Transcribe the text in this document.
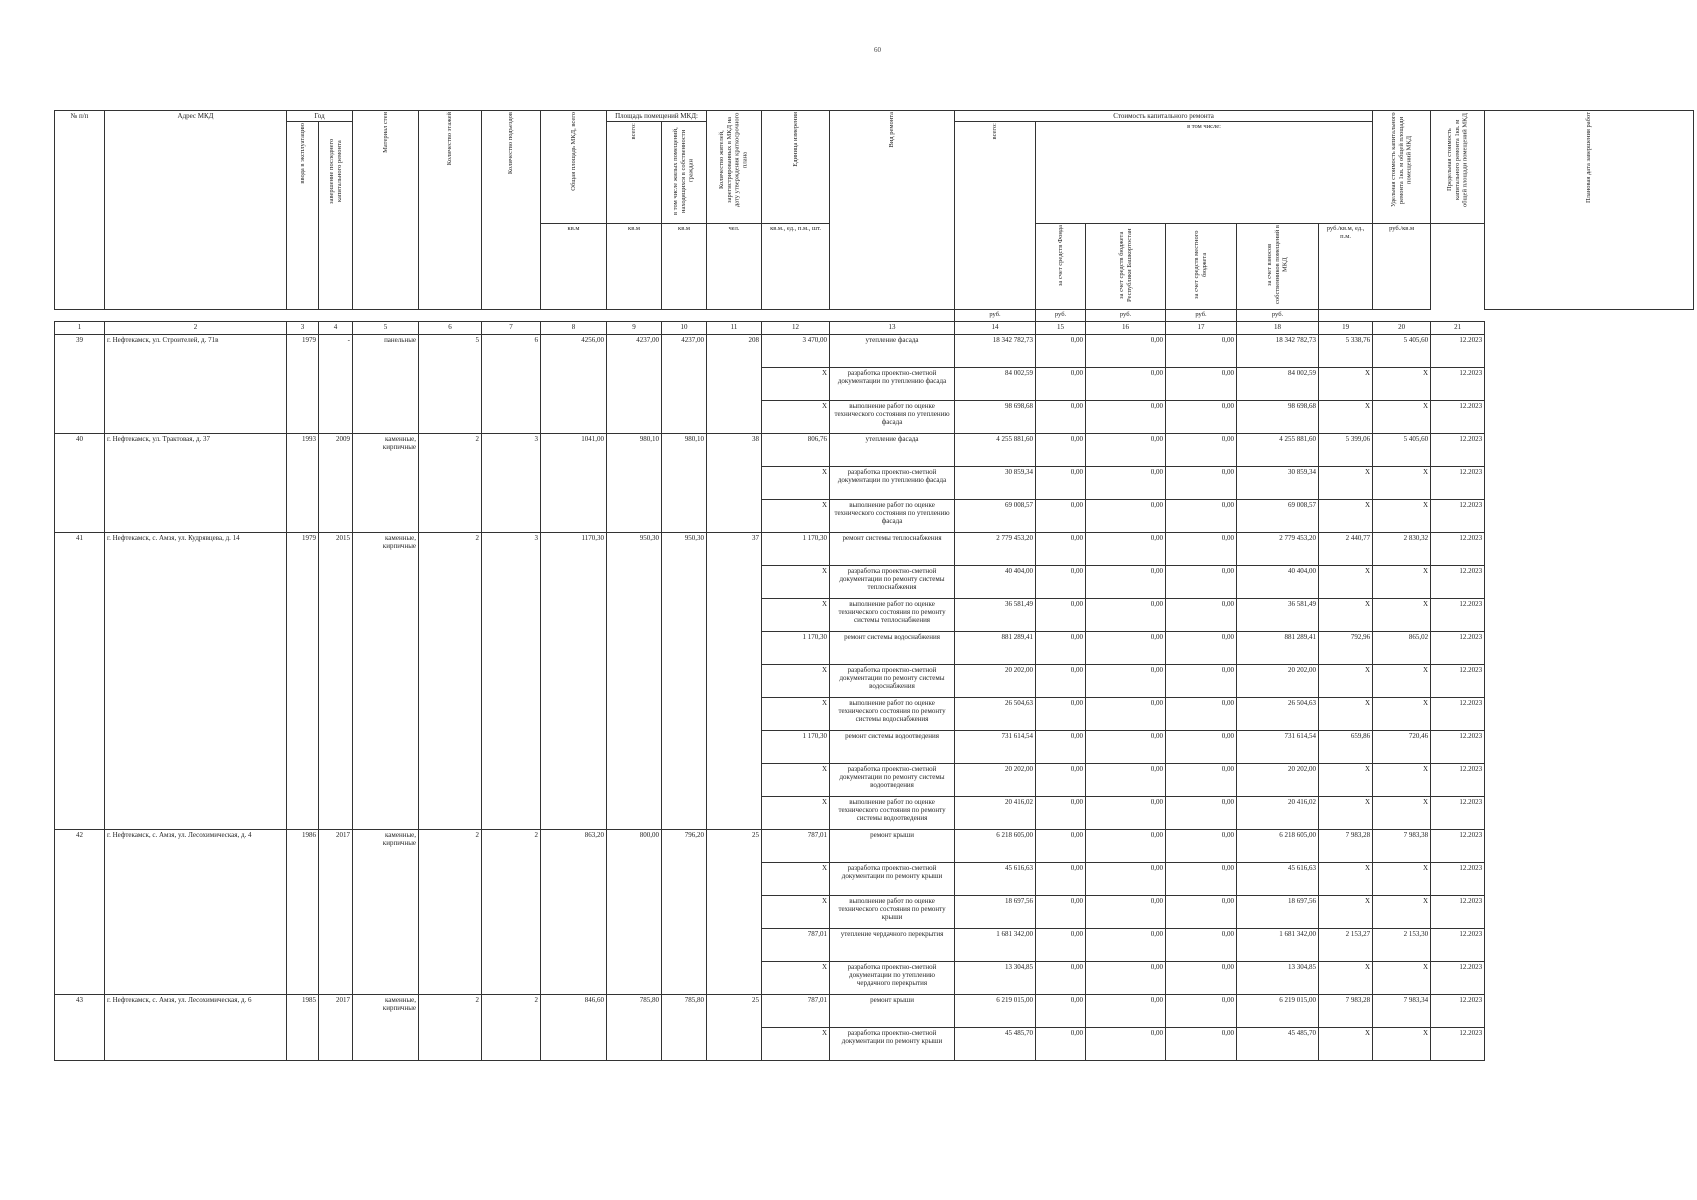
60
№ п/п	Адрес МКД	Год		Материал стен	Количество этажей	Количество подъездов	Общая площадь МКД, всего	Площадь помещений МКД:		Количество жителей, зарегистрированных в МКД на дату утверждения краткосрочного плана	Единица измерения	Вид ремонта	Стоимость капитального ремонта						Удельная стоимость капитального ремонта 1кв. м общей площади помещений МКД	Предельная стоимость капитального ремонта 1кв. м общей площади помещений МКД	Плановая дата завершения работ
		ввода в эксплуатацию	завершение последнего капитального ремонта					всего:	в том числе жилых помещений, находящихся в собственности граждан				всего:	в том числе:							
							кв.м	кв.м	кв.м	чел.	кв.м., ед., п.м., шт.			за счет средств Фонда	за счет средств бюджета Республики Башкортостан	за счет средств местного бюджета	за счет взносов собственников помещений в МКД	руб./кв.м, ед., п.м.	руб./кв.м		
													руб.	руб.	руб.	руб.	руб.				
1	2	3	4	5	6	7	8	9	10	11	12	13	14	15	16	17	18	19	20	21	
39	г. Нефтекамск, ул. Строителей, д. 71в	1979	-	панельные	5	6	4256,00	4237,00	4237,00	208	3 470,00	утепление фасада	18 342 782,73	0,00	0,00	0,00	18 342 782,73	5 338,76	5 405,60	12.2023	
											X	разработка проектно-сметной документации по утеплению фасада	84 002,59	0,00	0,00	0,00	84 002,59	X	X	12.2023	
											X	выполнение работ по оценке технического состояния по утеплению фасада	98 698,68	0,00	0,00	0,00	98 698,68	X	X	12.2023	
40	г. Нефтекамск, ул. Трактовая, д. 37	1993	2009	каменные, кирпичные	2	3	1041,00	980,10	980,10	38	806,76	утепление фасада	4 255 881,60	0,00	0,00	0,00	4 255 881,60	5 399,06	5 405,60	12.2023	
											X	разработка проектно-сметной документации по утеплению фасада	30 859,34	0,00	0,00	0,00	30 859,34	X	X	12.2023	
											X	выполнение работ по оценке технического состояния по утеплению фасада	69 008,57	0,00	0,00	0,00	69 008,57	X	X	12.2023	
41	г. Нефтекамск, с. Амзя, ул. Кудрявцева, д. 14	1979	2015	каменные, кирпичные	2	3	1170,30	950,30	950,30	37	1 170,30	ремонт системы теплоснабжения	2 779 453,20	0,00	0,00	0,00	2 779 453,20	2 440,77	2 830,32	12.2023	
											X	разработка проектно-сметной документации по ремонту системы теплоснабжения	40 404,00	0,00	0,00	0,00	40 404,00	X	X	12.2023	
											X	выполнение работ по оценке технического состояния по ремонту системы теплоснабжения	36 581,49	0,00	0,00	0,00	36 581,49	X	X	12.2023	
											1 170,30	ремонт системы водоснабжения	881 289,41	0,00	0,00	0,00	881 289,41	792,96	865,02	12.2023	
											X	разработка проектно-сметной документации по ремонту системы водоснабжения	20 202,00	0,00	0,00	0,00	20 202,00	X	X	12.2023	
											X	выполнение работ по оценке технического состояния по ремонту системы водоснабжения	26 504,63	0,00	0,00	0,00	26 504,63	X	X	12.2023	
											1 170,30	ремонт системы водоотведения	731 614,54	0,00	0,00	0,00	731 614,54	659,86	720,46	12.2023	
											X	разработка проектно-сметной документации по ремонту системы водоотведения	20 202,00	0,00	0,00	0,00	20 202,00	X	X	12.2023	
											X	выполнение работ по оценке технического состояния по ремонту системы водоотведения	20 416,02	0,00	0,00	0,00	20 416,02	X	X	12.2023	
42	г. Нефтекамск, с. Амзя, ул. Лесохимическая, д. 4	1986	2017	каменные, кирпичные	2	2	863,20	800,00	796,20	25	787,01	ремонт крыши	6 218 605,00	0,00	0,00	0,00	6 218 605,00	7 983,28	7 983,38	12.2023	
											X	разработка проектно-сметной документации по ремонту крыши	45 616,63	0,00	0,00	0,00	45 616,63	X	X	12.2023	
											X	выполнение работ по оценке технического состояния по ремонту крыши	18 697,56	0,00	0,00	0,00	18 697,56	X	X	12.2023	
											787,01	утепление чердачного перекрытия	1 681 342,00	0,00	0,00	0,00	1 681 342,00	2 153,27	2 153,30	12.2023	
											X	разработка проектно-сметной документации по утеплению чердачного перекрытия	13 304,85	0,00	0,00	0,00	13 304,85	X	X	12.2023	
43	г. Нефтекамск, с. Амзя, ул. Лесохимическая, д. 6	1985	2017	каменные, кирпичные	2	2	846,60	785,80	785,80	25	787,01	ремонт крыши	6 219 015,00	0,00	0,00	0,00	6 219 015,00	7 983,28	7 983,34	12.2023	
											X	разработка проектно-сметной документации по ремонту крыши	45 485,70	0,00	0,00	0,00	45 485,70	X	X	12.2023	
